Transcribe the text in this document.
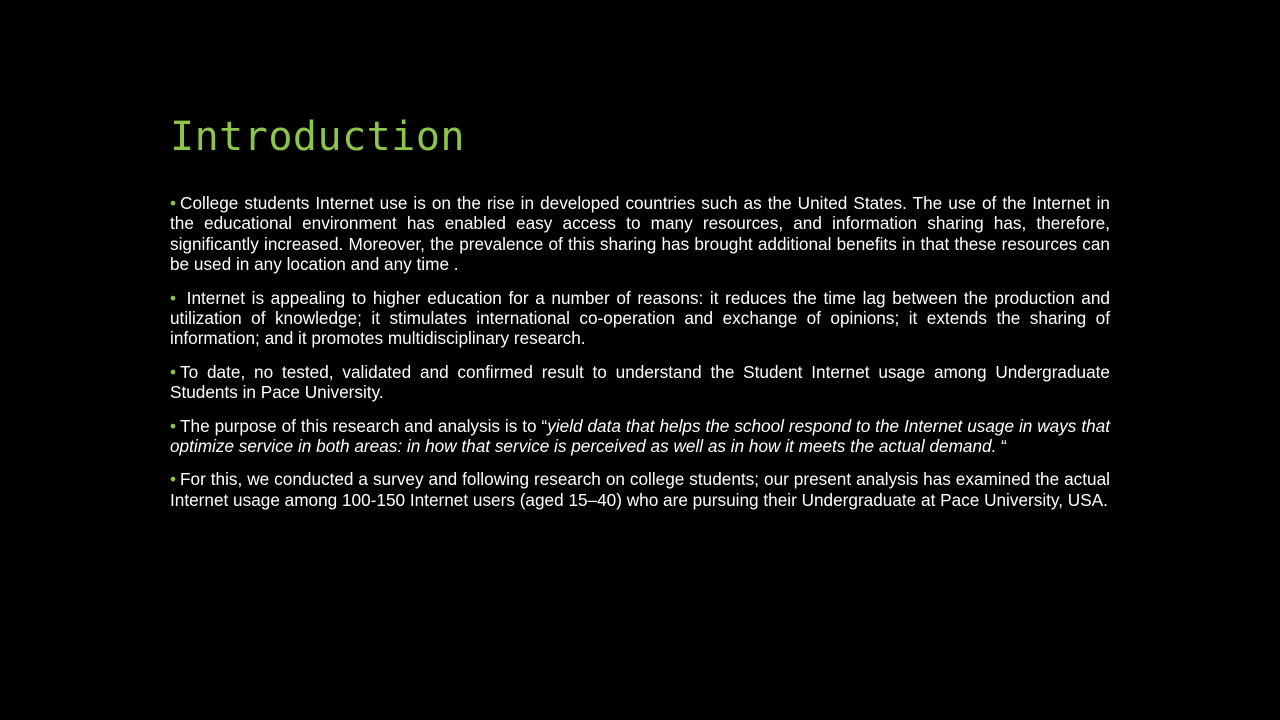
Introduction
• College students Internet use is on the rise in developed countries such as the United States. The use of the Internet in the educational environment has enabled easy access to many resources, and information sharing has, therefore, significantly increased. Moreover, the prevalence of this sharing has brought additional benefits in that these resources can be used in any location and any time .
• Internet is appealing to higher education for a number of reasons: it reduces the time lag between the production and utilization of knowledge; it stimulates international co-operation and exchange of opinions; it extends the sharing of information; and it promotes multidisciplinary research.
• To date, no tested, validated and confirmed result to understand the Student Internet usage among Undergraduate Students in Pace University.
• The purpose of this research and analysis is to “yield data that helps the school respond to the Internet usage in ways that optimize service in both areas: in how that service is perceived as well as in how it meets the actual demand. “
• For this, we conducted a survey and following research on college students; our present analysis has examined the actual Internet usage among 100-150 Internet users (aged 15–40) who are pursuing their Undergraduate at Pace University, USA.
